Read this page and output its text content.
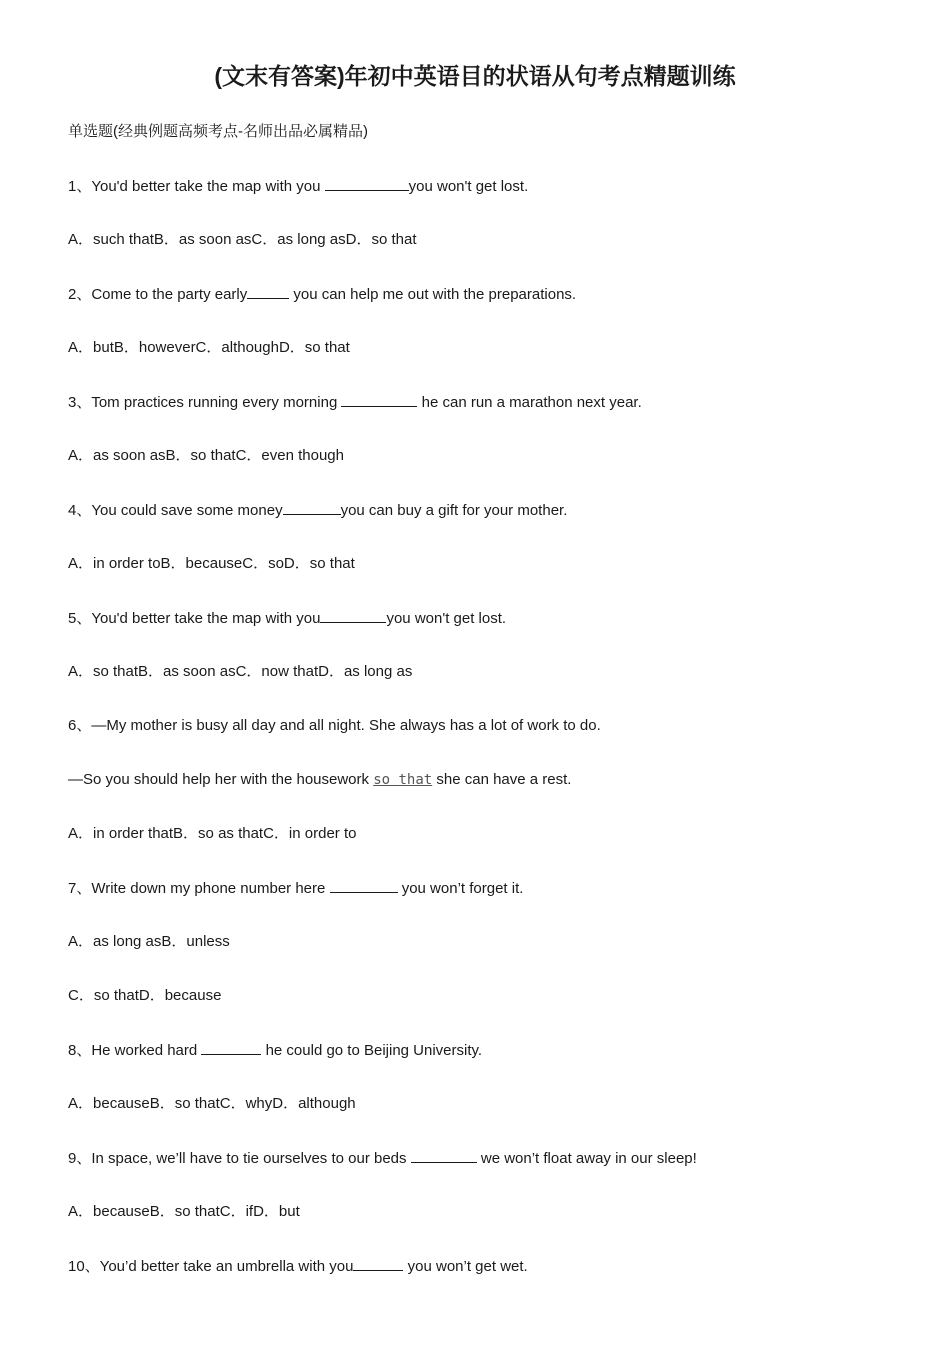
(文末有答案)年初中英语目的状语从句考点精题训练
单选题(经典例题高频考点-名师出品必属精品)
1、You'd better take the map with you	you won't get lost.
A．such thatB．as soon asC．as long asD．so that
2、Come to the party early	you can help me out with the preparations.
A．butB．howeverC．althoughD．so that
3、Tom practices running every morning	he can run a marathon next year.
A．as soon asB．so thatC．even though
4、You could save some money	you can buy a gift for your mother.
A．in order toB．becauseC．soD．so that
5、You'd better take the map with you	you won't get lost.
A．so thatB．as soon asC．now thatD．as long as
6、—My mother is busy all day and all night. She always has a lot of work to do.
—So you should help her with the housework so that she can have a rest.
A．in order thatB．so as thatC．in order to
7、Write down my phone number here	you won’t forget it.
A．as long asB．unless
C．so thatD．because
8、He worked hard	he could go to Beijing University.
A．becauseB．so thatC．whyD．although
9、In space, we’ll have to tie ourselves to our beds	we won’t float away in our sleep!
A．becauseB．so thatC．ifD．but
10、You’d better take an umbrella with you	you won’t get wet.
